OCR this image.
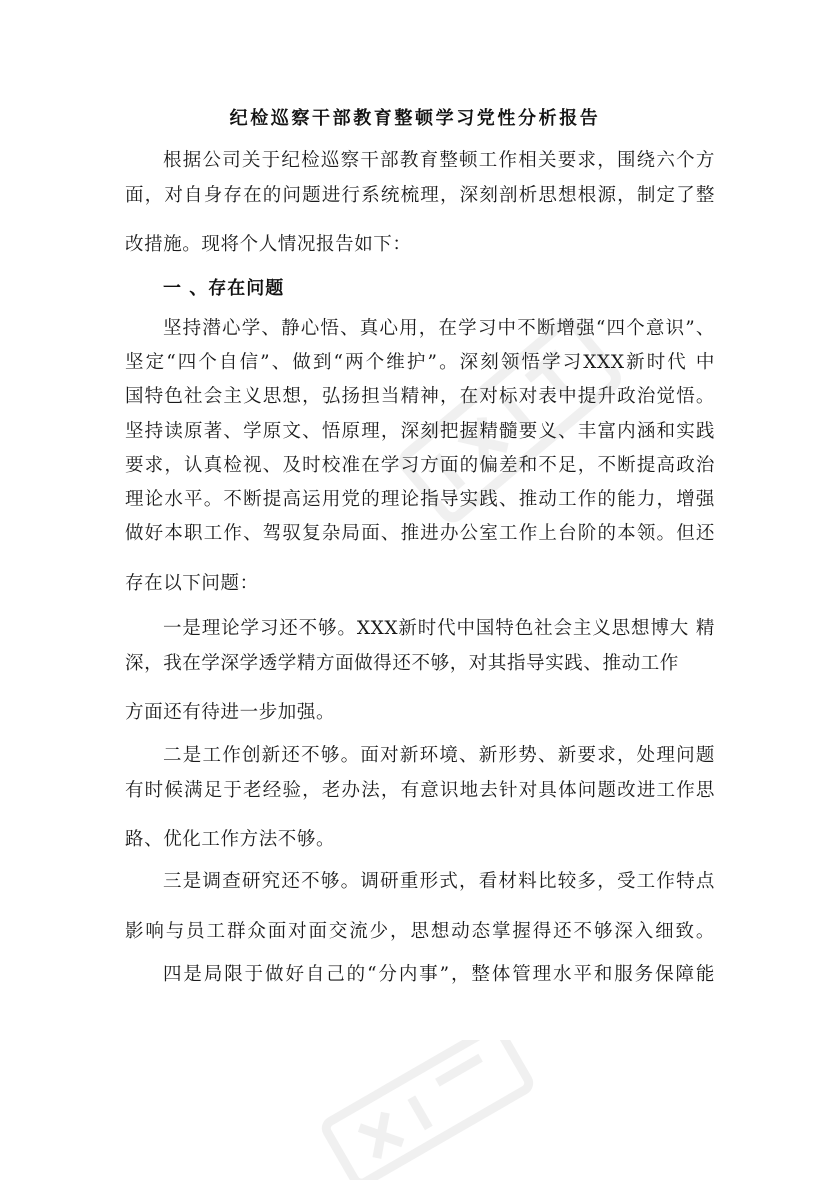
纪检巡察干部教育整顿学习党性分析报告
根据公司关于纪检巡察干部教育整顿工作相关要求，围绕六个方
面，对自身存在的问题进行系统梳理，深刻剖析思想根源，制定了整
改措施。现将个人情况报告如下：
一 、存在问题
坚持潜心学、静心悟、真心用，在学习中不断增强“四个意识”、
坚定“四个自信”、做到“两个维护”。深刻领悟学习XXX新时代 中
国特色社会主义思想，弘扬担当精神，在对标对表中提升政治觉悟。
坚持读原著、学原文、悟原理，深刻把握精髓要义、丰富内涵和实践
要求，认真检视、及时校准在学习方面的偏差和不足，不断提高政治
理论水平。不断提高运用党的理论指导实践、推动工作的能力，增强
做好本职工作、驾驭复杂局面、推进办公室工作上台阶的本领。但还
存在以下问题：
一是理论学习还不够。XXX新时代中国特色社会主义思想博大 精
深，我在学深学透学精方面做得还不够，对其指导实践、推动工作
方面还有待进一步加强。
二是工作创新还不够。面对新环境、新形势、新要求，处理问题
有时候满足于老经验，老办法，有意识地去针对具体问题改进工作思
路、优化工作方法不够。
三是调查研究还不够。调研重形式，看材料比较多，受工作特点
影响与员工群众面对面交流少，思想动态掌握得还不够深入细致。
四是局限于做好自己的“分内事”，整体管理水平和服务保障能
